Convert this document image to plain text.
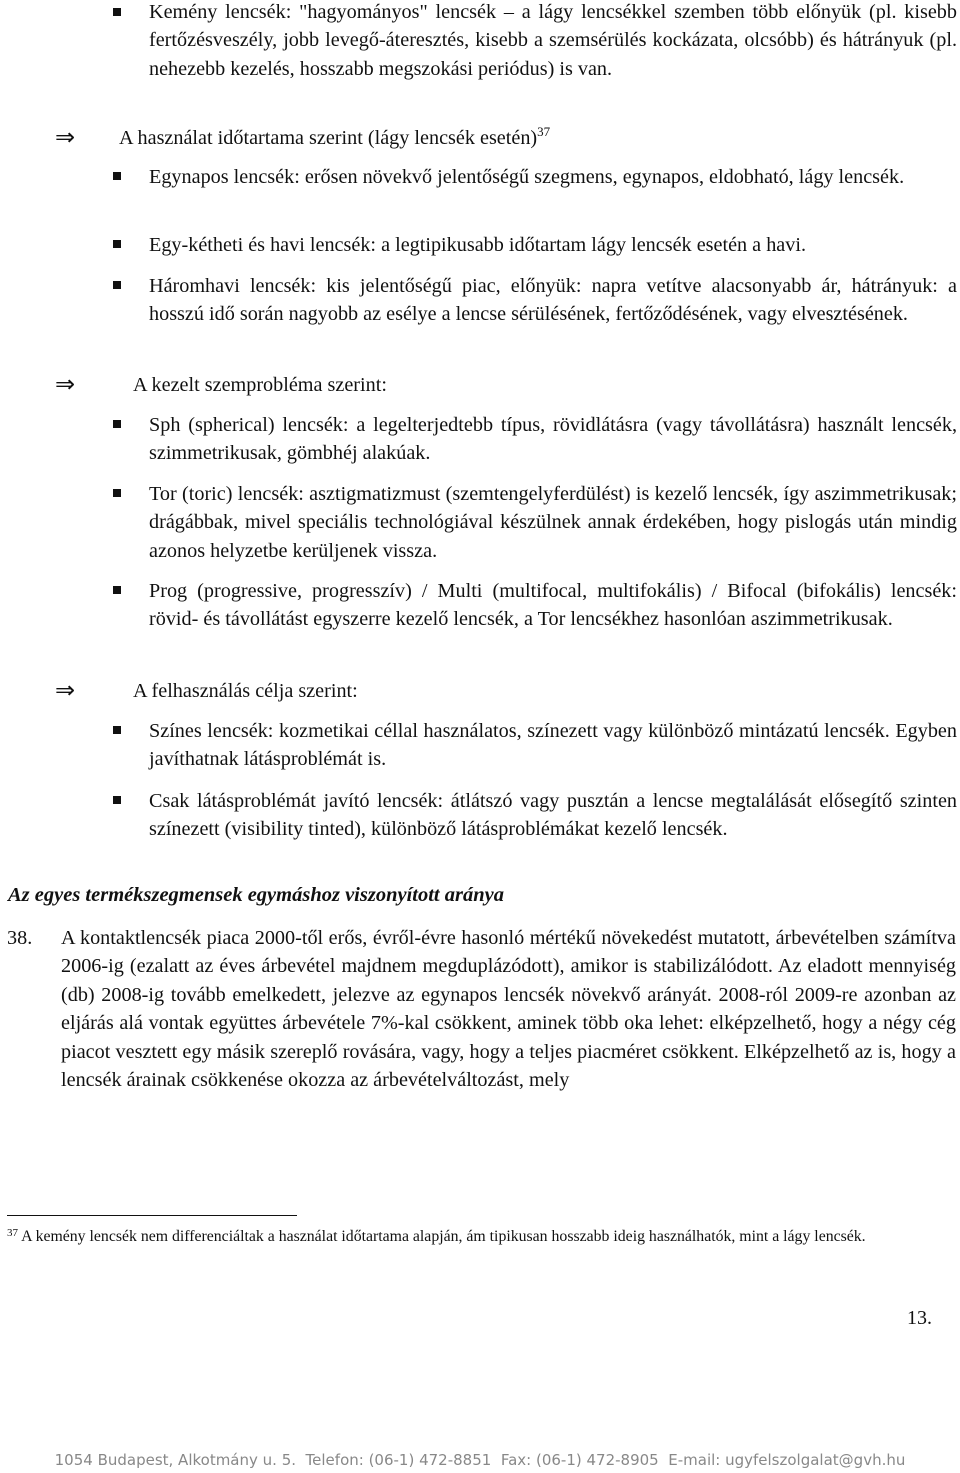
Kemény lencsék: "hagyományos" lencsék – a lágy lencsékkel szemben több előnyük (pl. kisebb fertőzésveszély, jobb levegő-áteresztés, kisebb a szemsérülés kockázata, olcsóbb) és hátrányuk (pl. nehezebb kezelés, hosszabb megszokási periódus) is van.

⇒ A használat időtartama szerint (lágy lencsék esetén)$^{37}$

Egynapos lencsék: erősen növekvő jelentőségű szegmens, egynapos, eldobható, lágy lencsék.

Egy-kétheti és havi lencsék: a legtipikusabb időtartam lágy lencsék esetén a havi.

Háromhavi lencsék: kis jelentőségű piac, előnyük: napra vetítve alacsonyabb ár, hátrányuk: a hosszú idő során nagyobb az esélye a lencse sérülésének, fertőződésének, vagy elvesztésének.

⇒	A kezelt szemprobléma szerint:

Sph (spherical) lencsék: a legelterjedtebb típus, rövidlátásra (vagy távollátásra) használt lencsék, szimmetrikusak, gömbhéj alakúak.

Tor (toric) lencsék: asztigmatizmust (szemtengelyferdülést) is kezelő lencsék, így aszimmetrikusak; drágábbak, mivel speciális technológiával készülnek annak érdekében, hogy pislogás után mindig azonos helyzetbe kerüljenek vissza.

Prog (progressive, progresszív) / Multi (multifocal, multifokális) / Bifocal (bifokális) lencsék: rövid- és távollátást egyszerre kezelő lencsék, a Tor lencsékhez hasonlóan aszimmetrikusak.

⇒	A felhasználás célja szerint:

Színes lencsék: kozmetikai céllal használatos, színezett vagy különböző mintázatú lencsék. Egyben javíthatnak látásproblémát is.

Csak látásproblémát javító lencsék: átlátszó vagy pusztán a lencse megtalálását elősegítő szinten színezett (visibility tinted), különböző látásproblémákat kezelő lencsék.

Az egyes termékszegmensek egymáshoz viszonyított aránya

38. A kontaktlencsék piaca 2000-től erős, évről-évre hasonló mértékű növekedést mutatott, árbevételben számítva 2006-ig (ezalatt az éves árbevétel majdnem megduplázódott), amikor is stabilizálódott. Az eladott mennyiség (db) 2008-ig tovább emelkedett, jelezve az egynapos lencsék növekvő arányát. 2008-ról 2009-re azonban az eljárás alá vontak együttes árbevétele 7%-kal csökkent, aminek több oka lehet: elképzelhető, hogy a négy cég piacot vesztett egy másik szereplő rovására, vagy, hogy a teljes piacméret csökkent. Elképzelhető az is, hogy a lencsék árainak csökkenése okozza az árbevételváltozást, mely

$^{37}$ A kemény lencsék nem differenciáltak a használat időtartama alapján, ám tipikusan hosszabb ideig használhatók, mint a lágy lencsék.

13.

1054 Budapest, Alkotmány u. 5.  Telefon: (06-1) 472-8851  Fax: (06-1) 472-8905  E-mail: ugyfelszolgalat@gvh.hu
